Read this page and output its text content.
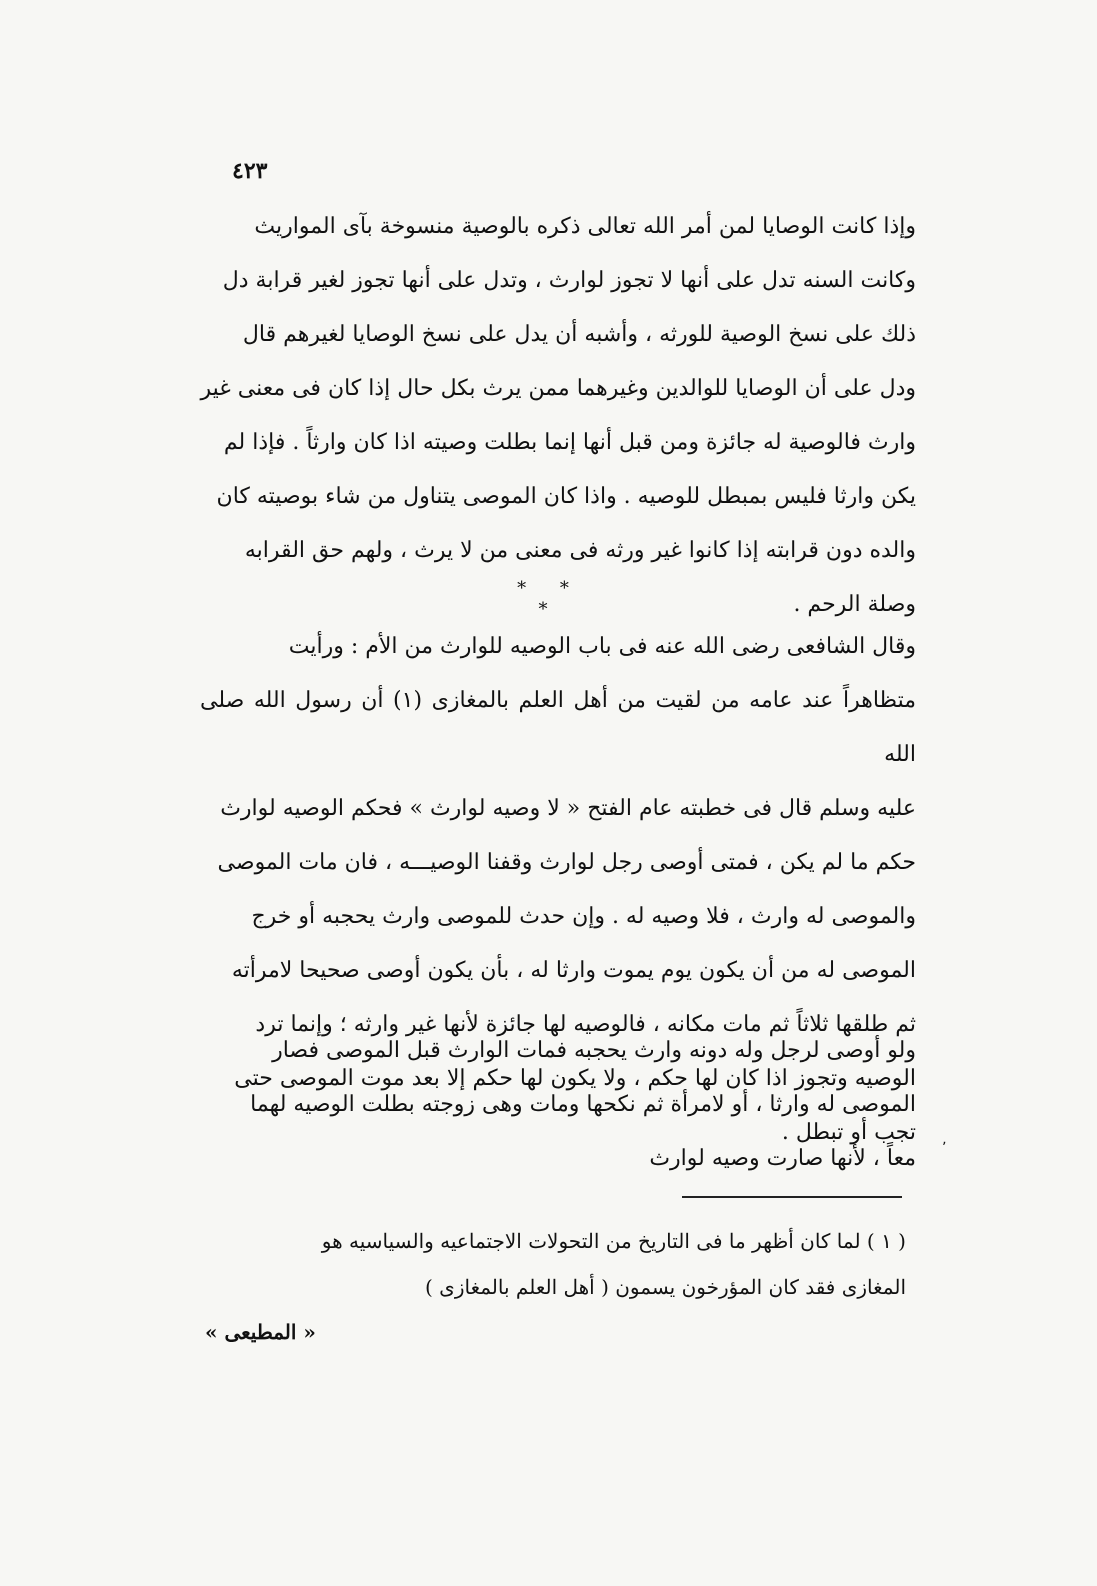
٤٢٣

وإذا كانت الوصايا لمن أمر الله تعالى ذكره بالوصية منسوخة بآى المواريث

وكانت السنه تدل على أنها لا تجوز لوارث ، وتدل على أنها تجوز لغير قرابة دل

ذلك على نسخ الوصية للورثه ، وأشبه أن يدل على نسخ الوصايا لغيرهم قال

ودل على أن الوصايا للوالدين وغيرهما ممن يرث بكل حال إذا كان فى معنى غير

وارث فالوصية له جائزة ومن قبل أنها إنما بطلت وصيته اذا كان وارثاً . فإذا لم

يكن وارثا فليس بمبطل للوصيه . واذا كان الموصى يتناول من شاء بوصيته كان

والده دون قرابته إذا كانوا غير ورثه فى معنى من لا يرث ، ولهم حق القرابه

وصلة الرحم .

* * *

وقال الشافعى رضى الله عنه فى باب الوصيه للوارث من الأم : ورأيت

متظاهراً عند عامه من لقيت من أهل العلم بالمغازى (١) أن رسول الله صلى الله

عليه وسلم قال فى خطبته عام الفتح « لا وصيه لوارث » فحكم الوصيه لوارث

حكم ما لم يكن ، فمتى أوصى رجل لوارث وقفنا الوصيـــه ، فان مات الموصى

والموصى له وارث ، فلا وصيه له . وإن حدث للموصى وارث يحجبه أو خرج

الموصى له من أن يكون يوم يموت وارثا له ، بأن يكون أوصى صحيحا لامرأته

ثم طلقها ثلاثاً ثم مات مكانه ، فالوصيه لها جائزة لأنها غير وارثه ؛ وإنما ترد

الوصيه وتجوز اذا كان لها حكم ، ولا يكون لها حكم إلا بعد موت الموصى حتى

تجب أو تبطل .

ولو أوصى لرجل وله دونه وارث يحجبه فمات الوارث قبل الموصى فصار

الموصى له وارثا ، أو لامرأة ثم نكحها ومات وهى زوجته بطلت الوصيه لهما

معاً ، لأنها صارت وصيه لوارث ٬

( ١ ) لما كان أظهر ما فى التاريخ من التحولات الاجتماعيه والسياسيه هو

المغازى فقد كان المؤرخون يسمون ( أهل العلم بالمغازى )

« المطيعى »
